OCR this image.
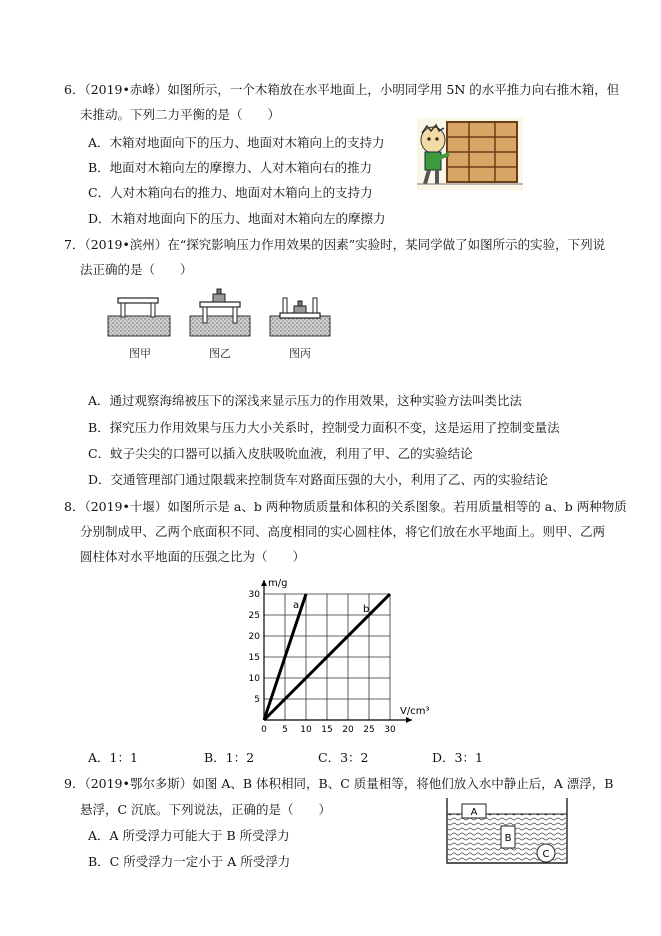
6．（2019•赤峰）如图所示，一个木箱放在水平地面上，小明同学用 5N 的水平推力向右推木箱，但
未推动。下列二力平衡的是（　　）
A．木箱对地面向下的压力、地面对木箱向上的支持力
B．地面对木箱向左的摩擦力、人对木箱向右的推力
C．人对木箱向右的推力、地面对木箱向上的支持力
D．木箱对地面向下的压力、地面对木箱向左的摩擦力
7．（2019•滨州）在“探究影响压力作用效果的因素”实验时，某同学做了如图所示的实验，下列说
法正确的是（　　）
图甲	图乙	图丙
A．通过观察海绵被压下的深浅来显示压力的作用效果，这种实验方法叫类比法
B．探究压力作用效果与压力大小关系时，控制受力面积不变，这是运用了控制变量法
C．蚊子尖尖的口器可以插入皮肤吸吮血液，利用了甲、乙的实验结论
D．交通管理部门通过限载来控制货车对路面压强的大小，利用了乙、丙的实验结论
8．（2019•十堰）如图所示是 a、b 两种物质质量和体积的关系图象。若用质量相等的 a、b 两种物质
分别制成甲、乙两个底面积不同、高度相同的实心圆柱体，将它们放在水平地面上。则甲、乙两
圆柱体对水平地面的压强之比为（　　）
0 5 10 15 20 25 30
5
10
15
20
25
30
m/g
V/cm³
a	b
A．1：1	B．1：2	C．3：2	D．3：1
9．（2019•鄂尔多斯）如图 A、B 体积相同，B、C 质量相等，将他们放入水中静止后，A 漂浮，B
悬浮，C 沉底。下列说法，正确的是（　　）
A．A 所受浮力可能大于 B 所受浮力
B．C 所受浮力一定小于 A 所受浮力
A
B
C
